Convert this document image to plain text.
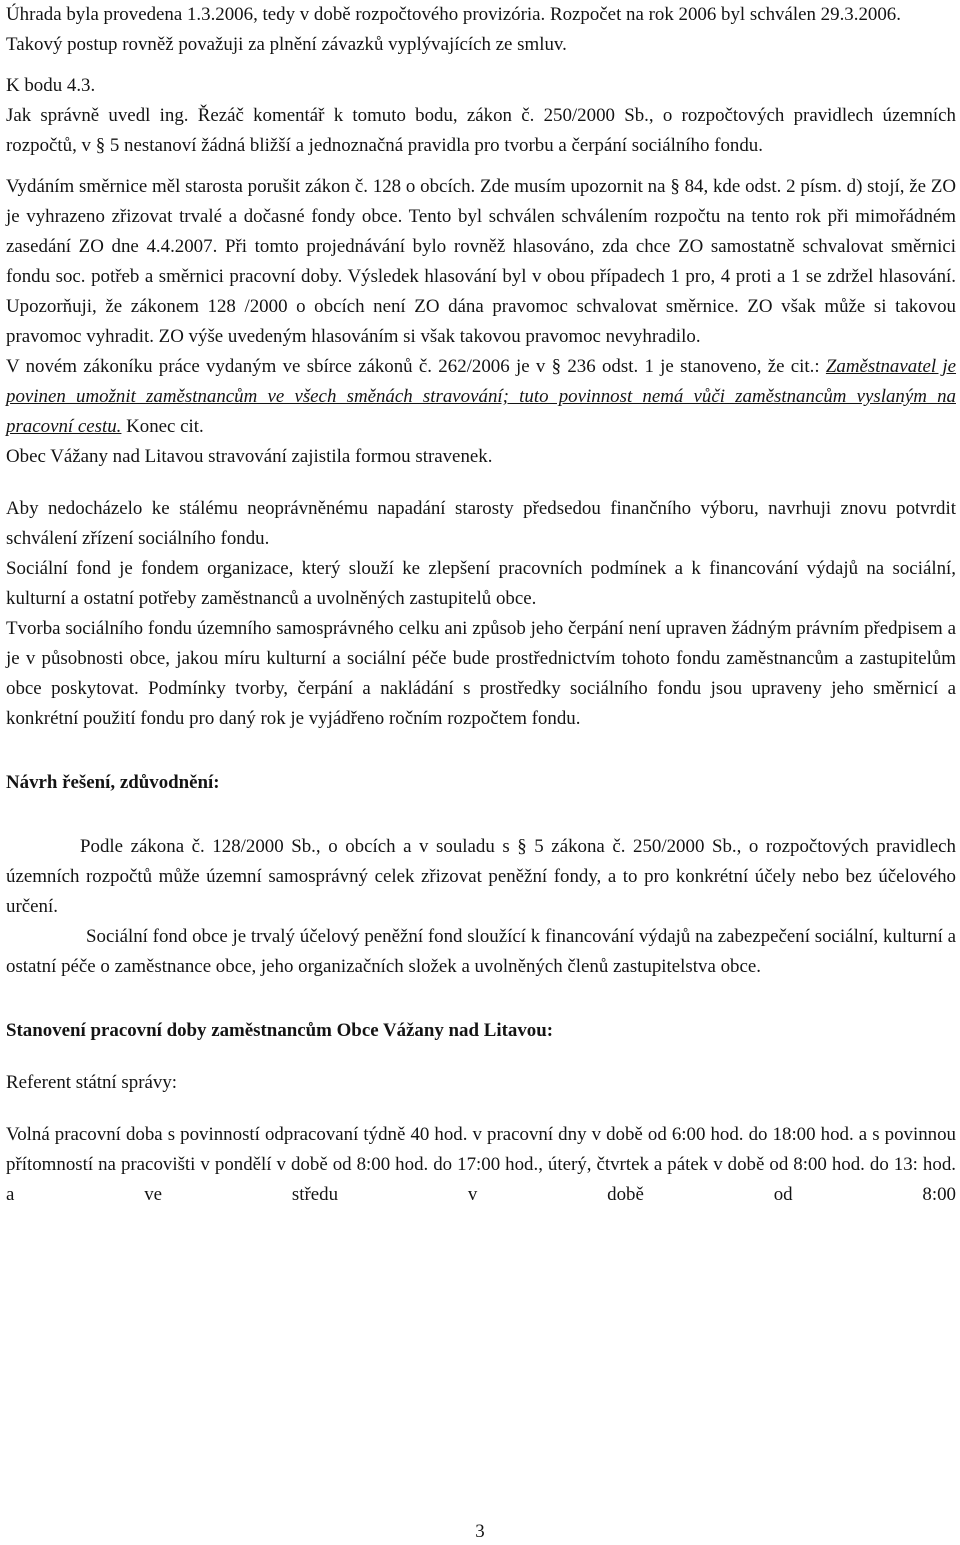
Úhrada byla provedena 1.3.2006, tedy v době rozpočtového provizória. Rozpočet na rok 2006 byl schválen 29.3.2006.

Takový postup rovněž považuji za plnění závazků vyplývajících ze smluv.

K bodu 4.3.

Jak správně uvedl ing. Řezáč komentář k tomuto bodu, zákon č. 250/2000 Sb., o rozpočtových pravidlech územních rozpočtů, v § 5 nestanoví žádná bližší a jednoznačná pravidla pro tvorbu a čerpání sociálního fondu.

Vydáním směrnice měl starosta porušit zákon č. 128 o obcích. Zde musím upozornit na § 84, kde odst. 2 písm. d) stojí, že ZO je vyhrazeno zřizovat trvalé a dočasné fondy obce. Tento byl schválen schválením rozpočtu na tento rok při mimořádném zasedání ZO dne 4.4.2007. Při tomto projednávání bylo rovněž hlasováno, zda chce ZO samostatně schvalovat směrnici fondu soc. potřeb a směrnici pracovní doby. Výsledek hlasování byl v obou případech 1 pro, 4 proti a 1 se zdržel hlasování. Upozorňuji, že zákonem 128 /2000 o obcích není ZO dána pravomoc schvalovat směrnice. ZO však může si takovou pravomoc vyhradit. ZO výše uvedeným hlasováním si však takovou pravomoc nevyhradilo.

V novém zákoníku práce vydaným ve sbírce zákonů č. 262/2006 je v § 236 odst. 1 je stanoveno, že cit.: Zaměstnavatel je povinen umožnit zaměstnancům ve všech směnách stravování; tuto povinnost nemá vůči zaměstnancům vyslaným na pracovní cestu. Konec cit.

Obec Vážany nad Litavou stravování zajistila formou stravenek.

Aby nedocházelo ke stálému neoprávněnému napadání starosty předsedou finančního výboru, navrhuji znovu potvrdit schválení zřízení sociálního fondu.

Sociální fond je fondem organizace, který slouží ke zlepšení pracovních podmínek a k financování výdajů na sociální, kulturní a ostatní potřeby zaměstnanců a uvolněných zastupitelů obce.

Tvorba sociálního fondu územního samosprávného celku ani způsob jeho čerpání není upraven žádným právním předpisem a je v působnosti obce, jakou míru kulturní a sociální péče bude prostřednictvím tohoto fondu zaměstnancům a zastupitelům obce poskytovat. Podmínky tvorby, čerpání a nakládání s prostředky sociálního fondu jsou upraveny jeho směrnicí a konkrétní použití fondu pro daný rok je vyjádřeno ročním rozpočtem fondu.

Návrh řešení, zdůvodnění:

Podle zákona č. 128/2000 Sb., o obcích a v souladu s § 5 zákona č. 250/2000 Sb., o rozpočtových pravidlech územních rozpočtů může územní samosprávný celek zřizovat peněžní fondy, a to pro konkrétní účely nebo bez účelového určení.

Sociální fond obce je trvalý účelový peněžní fond sloužící k financování výdajů na zabezpečení sociální, kulturní a ostatní péče o zaměstnance obce, jeho organizačních složek a uvolněných členů zastupitelstva obce.

Stanovení pracovní doby zaměstnancům Obce Vážany nad Litavou:

Referent státní správy:

Volná pracovní doba s povinností odpracovaní týdně 40 hod. v pracovní dny v době od 6:00 hod. do 18:00 hod. a s povinnou přítomností na pracovišti v pondělí v době od 8:00 hod. do 17:00 hod., úterý, čtvrtek a pátek v době od 8:00 hod. do 13: hod. a ve středu v době od 8:00

3
